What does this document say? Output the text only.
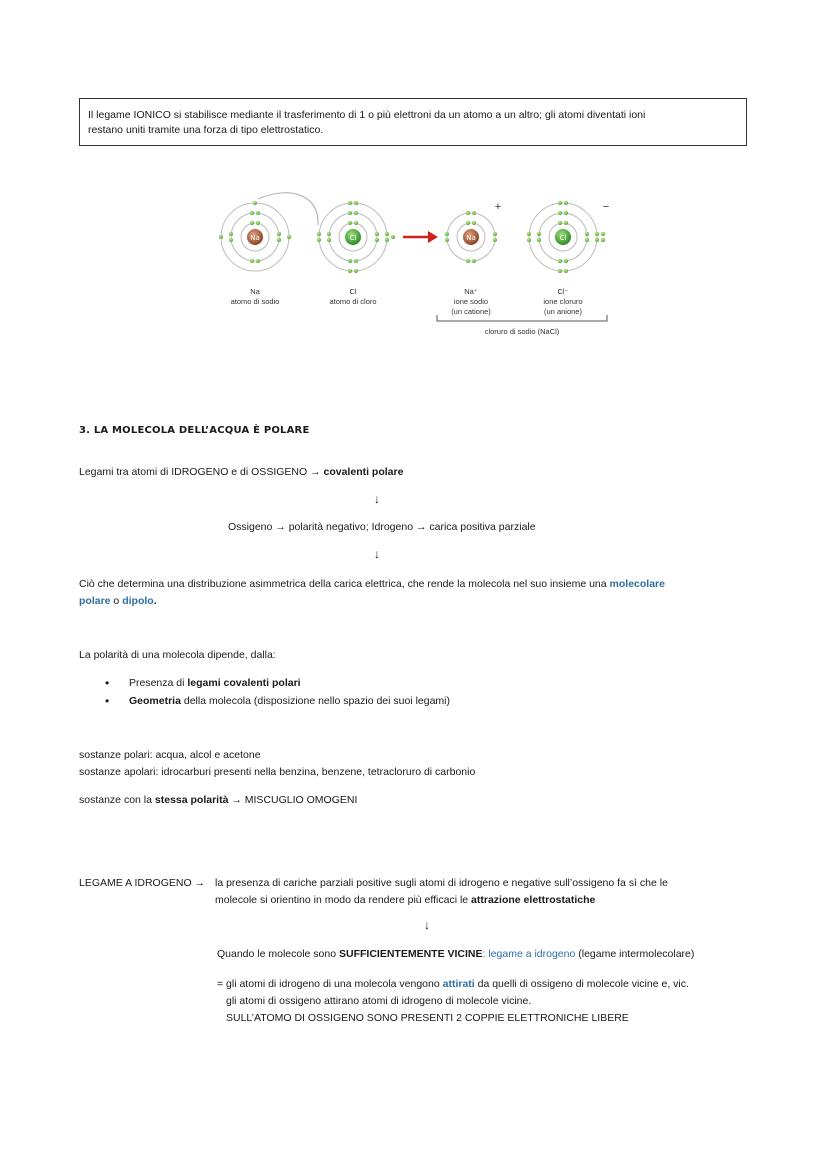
Il legame IONICO si stabilisce mediante il trasferimento di 1 o più elettroni da un atomo a un altro; gli atomi diventati ioni
restano uniti tramite una forza di tipo elettrostatico.
Na	Cl	Na
+
Cl
−
Na
atomo di sodio
Cl
atomo di cloro
Na⁺
ione sodio
(un catione)
Cl⁻
ione cloruro
(un anione)
cloruro di sodio (NaCl)
3. LA MOLECOLA DELL’ACQUA È POLARE
Legami tra atomi di IDROGENO e di OSSIGENO → covalenti polare
↓
Ossigeno → polarità negativo; Idrogeno → carica positiva parziale
↓
Ciò che determina una distribuzione asimmetrica della carica elettrica, che rende la molecola nel suo insieme una molecolare
polare o dipolo.
La polarità di una molecola dipende, dalla:
• Presenza di legami covalenti polari
• Geometria della molecola (disposizione nello spazio dei suoi legami)
sostanze polari: acqua, alcol e acetone
sostanze apolari: idrocarburi presenti nella benzina, benzene, tetracloruro di carbonio
sostanze con la stessa polarità → MISCUGLIO OMOGENI
LEGAME A IDROGENO → la presenza di cariche parziali positive sugli atomi di idrogeno e negative sull’ossigeno fa sì che le
molecole si orientino in modo da rendere più efficaci le attrazione elettrostatiche
↓
Quando le molecole sono SUFFICIENTEMENTE VICINE: legame a idrogeno (legame intermolecolare)
= gli atomi di idrogeno di una molecola vengono attirati da quelli di ossigeno di molecole vicine e, vic.
gli atomi di ossigeno attirano atomi di idrogeno di molecole vicine.
SULL’ATOMO DI OSSIGENO SONO PRESENTI 2 COPPIE ELETTRONICHE LIBERE
